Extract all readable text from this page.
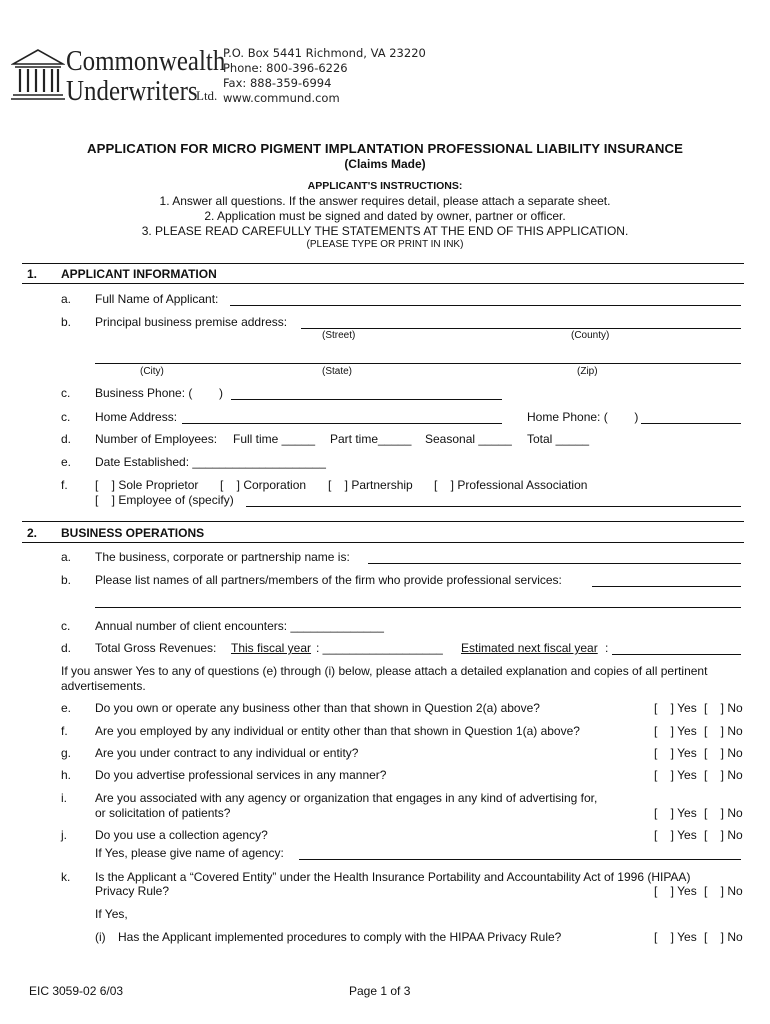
Commonwealth
Underwriters
Ltd.
P.O. Box 5441 Richmond, VA 23220
Phone: 800-396-6226
Fax: 888-359-6994
www.commund.com
APPLICATION FOR MICRO PIGMENT IMPLANTATION PROFESSIONAL LIABILITY INSURANCE
(Claims Made)
APPLICANT'S INSTRUCTIONS:
1. Answer all questions. If the answer requires detail, please attach a separate sheet.
2. Application must be signed and dated by owner, partner or officer.
3. PLEASE READ CAREFULLY THE STATEMENTS AT THE END OF THIS APPLICATION.
(PLEASE TYPE OR PRINT IN INK)
1. APPLICANT INFORMATION
a. Full Name of Applicant:
b. Principal business premise address:
(Street)	(County)
(City)	(State)	(Zip)
c. Business Phone: (        )
c. Home Address:	Home Phone: (        )
d. Number of Employees: Full time _____ Part time_____ Seasonal _____ Total _____
e. Date Established: ____________________
f. [    ] Sole Proprietor [    ] Corporation [    ] Partnership [    ] Professional Association
[    ] Employee of (specify)
2. BUSINESS OPERATIONS
a. The business, corporate or partnership name is:
b. Please list names of all partners/members of the firm who provide professional services:
c. Annual number of client encounters: ______________
d. Total Gross Revenues: This fiscal year : __________________ Estimated next fiscal year :
If you answer Yes to any of questions (e) through (i) below, please attach a detailed explanation and copies of all pertinent
advertisements.
e. Do you own or operate any business other than that shown in Question 2(a) above?	[    ] Yes [    ] No
f. Are you employed by any individual or entity other than that shown in Question 1(a) above?	[    ] Yes [    ] No
g. Are you under contract to any individual or entity?	[    ] Yes [    ] No
h. Do you advertise professional services in any manner?	[    ] Yes [    ] No
i. Are you associated with any agency or organization that engages in any kind of advertising for,
or solicitation of patients?	[    ] Yes [    ] No
j. Do you use a collection agency?	[    ] Yes [    ] No
If Yes, please give name of agency:
k. Is the Applicant a “Covered Entity” under the Health Insurance Portability and Accountability Act of 1996 (HIPAA)
Privacy Rule?	[    ] Yes [    ] No
If Yes,
(i) Has the Applicant implemented procedures to comply with the HIPAA Privacy Rule?	[    ] Yes [    ] No
EIC 3059-02 6/03	Page 1 of 3
